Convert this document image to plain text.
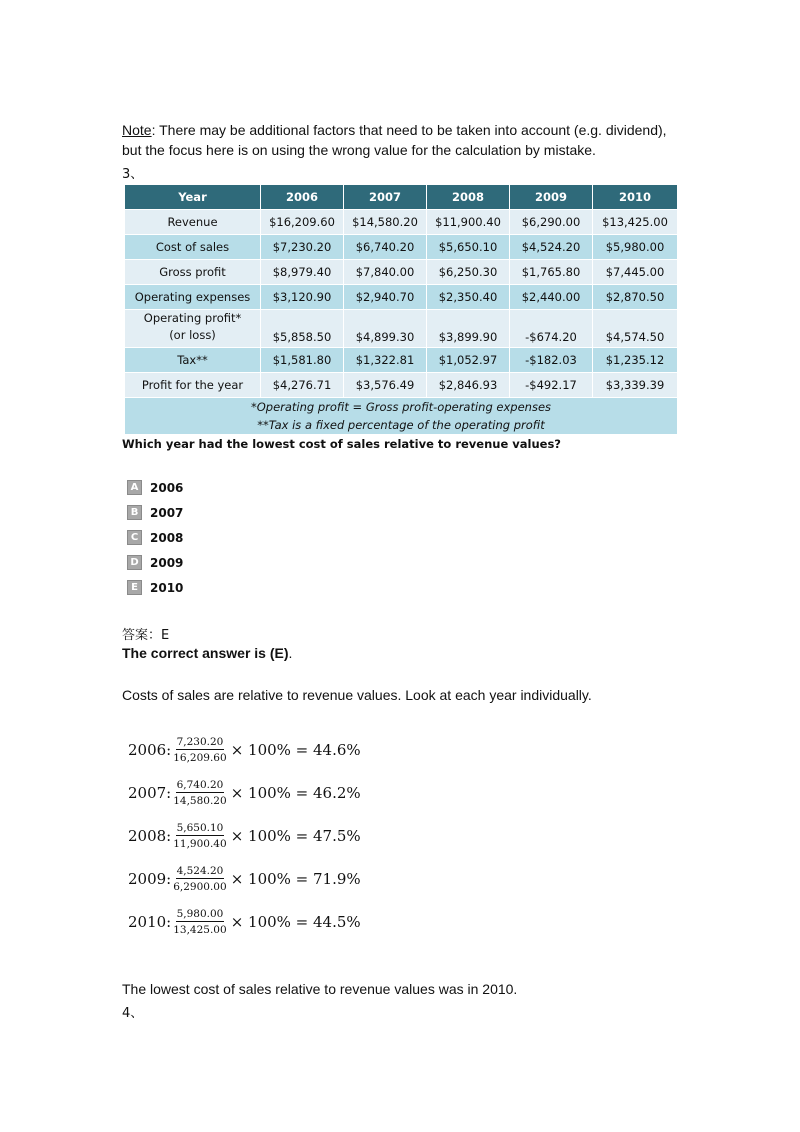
Note: There may be additional factors that need to be taken into account (e.g. dividend),
but the focus here is on using the wrong value for the calculation by mistake.
3、
Year	2006	2007	2008	2009	2010
Revenue	$16,209.60	$14,580.20	$11,900.40	$6,290.00	$13,425.00
Cost of sales	$7,230.20	$6,740.20	$5,650.10	$4,524.20	$5,980.00
Gross profit	$8,979.40	$7,840.00	$6,250.30	$1,765.80	$7,445.00
Operating expenses	$3,120.90	$2,940.70	$2,350.40	$2,440.00	$2,870.50
Operating profit*
(or loss)	$5,858.50	$4,899.30	$3,899.90	-$674.20	$4,574.50
Tax**	$1,581.80	$1,322.81	$1,052.97	-$182.03	$1,235.12
Profit for the year	$4,276.71	$3,576.49	$2,846.93	-$492.17	$3,339.39

*Operating profit = Gross profit-operating expenses
**Tax is a fixed percentage of the operating profit					
Which year had the lowest cost of sales relative to revenue values?
A 2006
B 2007
C 2008
D 2009
E	2010
答案：E
The correct answer is (E).
Costs of sales are relative to revenue values. Look at each year individually.
2006: $\frac{7,230.20}{16,209.60} \times 100\% = 44.6\%$
2007: $\frac{6,740.20}{14,580.20} \times 100\% = 46.2\%$
2008: $\frac{5,650.10}{11,900.40} \times 100\% = 47.5\%$
2009: $\frac{4,524.20}{6,2900.00} \times 100\% = 71.9\%$
2010: $\frac{5,980.00}{13,425.00} \times 100\% = 44.5\%$
The lowest cost of sales relative to revenue values was in 2010.
4、
